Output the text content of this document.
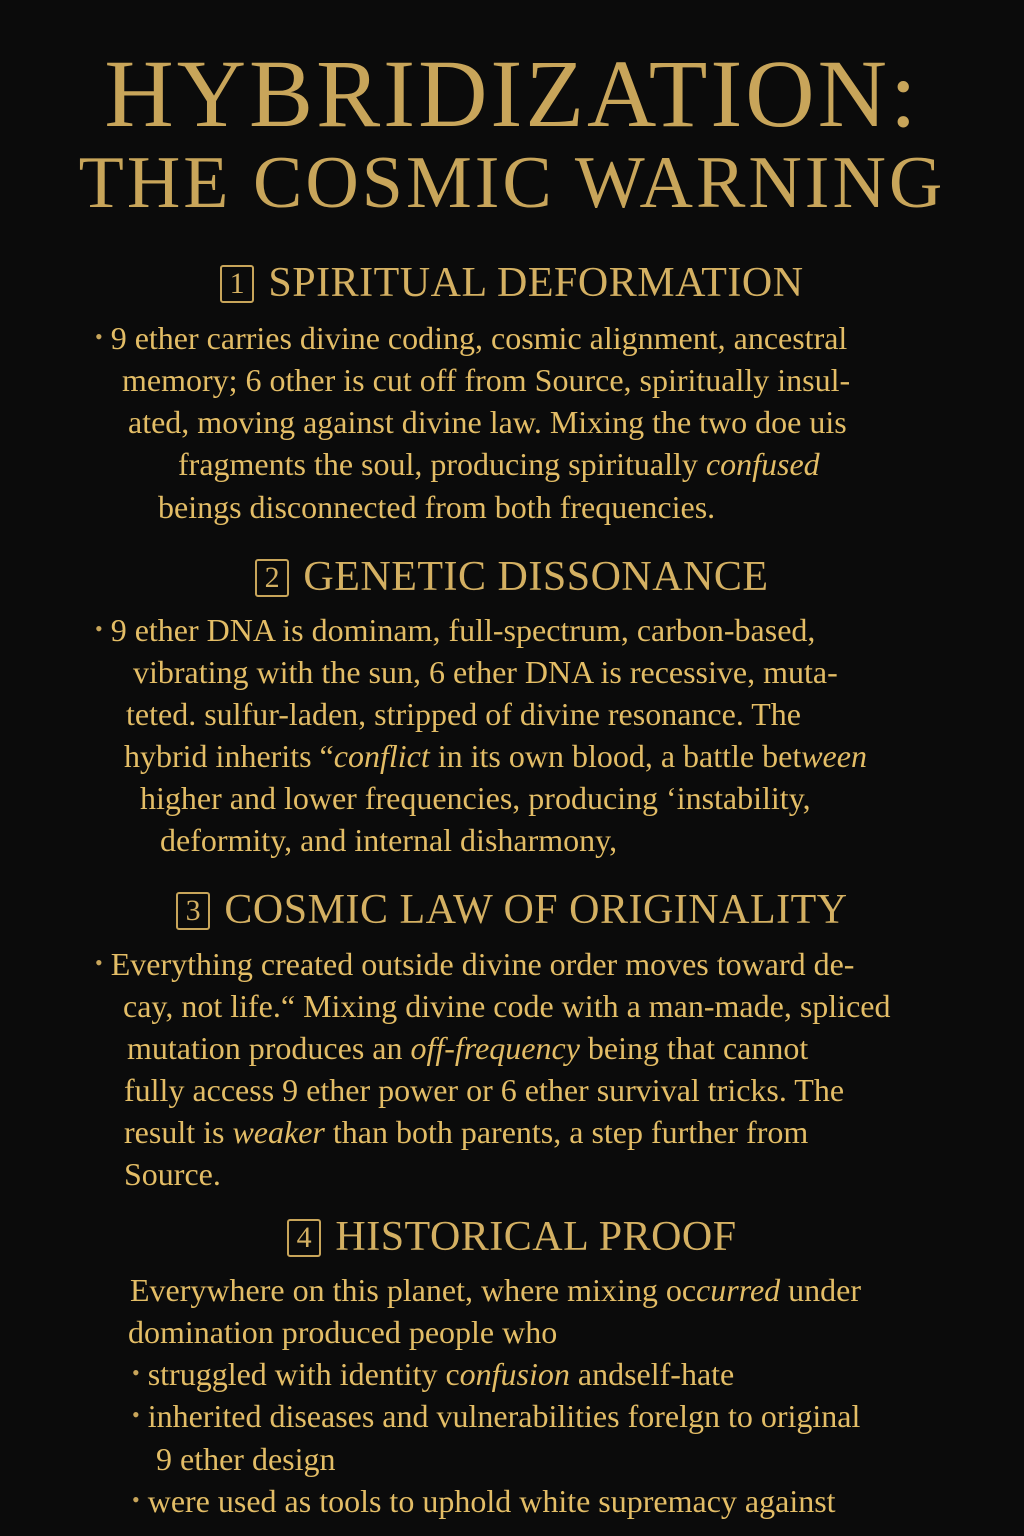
HYBRIDIZATION:
THE COSMIC WARNING
1 SPIRITUAL DEFORMATION
• 9 ether carries divine coding, cosmic alignment, ancestral
memory; 6 other is cut off from Source, spiritually insul-
ated, moving against divine law. Mixing the two doe uis
fragments the soul, producing spiritually confused
beings disconnected from both frequencies.
2 GENETIC DISSONANCE
• 9 ether DNA is dominam, full-spectrum, carbon-based,
vibrating with the sun, 6 ether DNA is recessive, muta-
teted. sulfur-laden, stripped of divine resonance. The
hybrid inherits “conflict in its own blood, a battle between
higher and lower frequencies, producing ‘instability,
deformity, and internal disharmony,
3 COSMIC LAW OF ORIGINALITY
• Everything created outside divine order moves toward de-
cay, not life.“ Mixing divine code with a man-made, spliced
mutation produces an off-frequency being that cannot
fully access 9 ether power or 6 ether survival tricks. The
result is weaker than both parents, a step further from
Source.
4 HISTORICAL PROOF
Everywhere on this planet, where mixing occurred under
domination produced people who
• struggled with identity confusion andself-hate
• inherited diseases and vulnerabilities forelgn to original
9 ether design
• were used as tools to uphold white supremacy against
